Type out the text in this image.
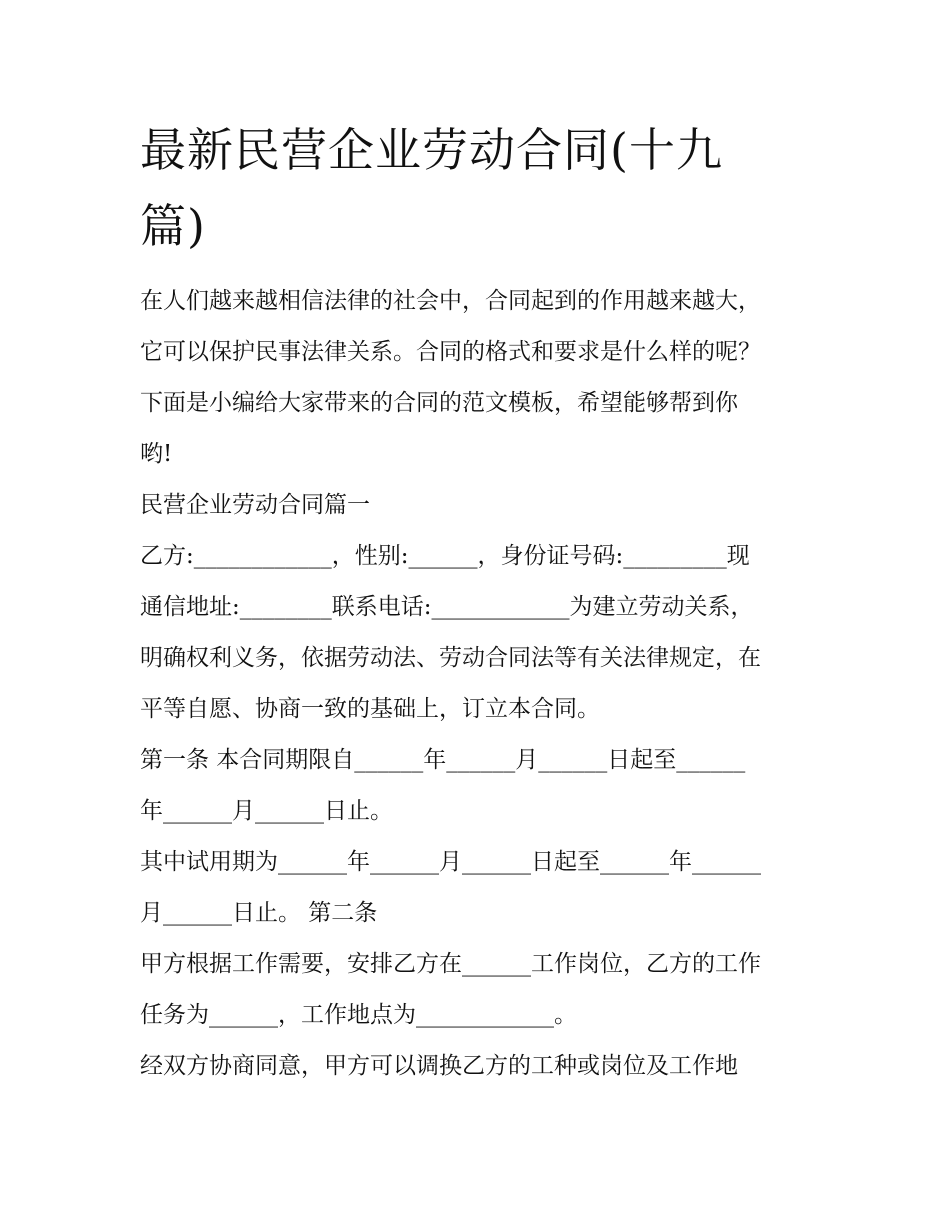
最新民营企业劳动合同(十九
篇)
在人们越来越相信法律的社会中，合同起到的作用越来越大，
它可以保护民事法律关系。合同的格式和要求是什么样的呢？
下面是小编给大家带来的合同的范文模板，希望能够帮到你
哟!
民营企业劳动合同篇一
乙方:____________，性别:______，身份证号码:_________现
通信地址:________联系电话:____________为建立劳动关系，
明确权利义务，依据劳动法、劳动合同法等有关法律规定，在
平等自愿、协商一致的基础上，订立本合同。
第一条 本合同期限自______年______月______日起至______
年______月______日止。
其中试用期为______年______月______日起至______年______
月______日止。 第二条
甲方根据工作需要，安排乙方在______工作岗位，乙方的工作
任务为______，工作地点为____________。
经双方协商同意，甲方可以调换乙方的工种或岗位及工作地
